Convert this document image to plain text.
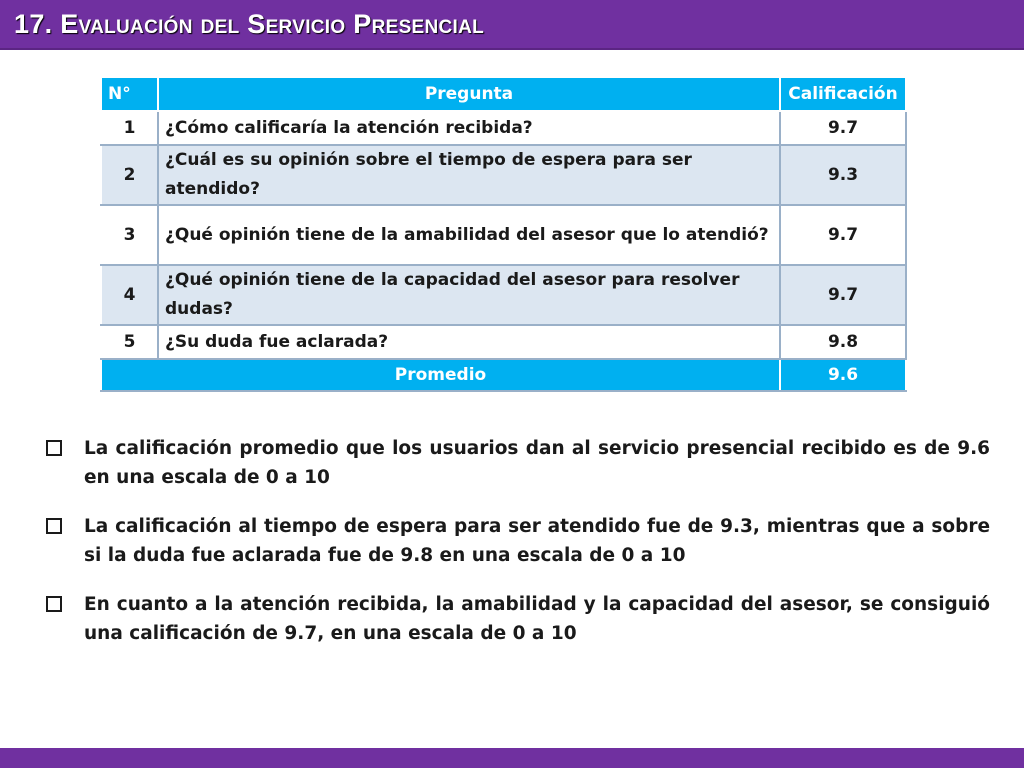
17. Evaluación del Servicio Presencial
N°	Pregunta	Calificación
1	¿Cómo calificaría la atención recibida?	9.7
2	¿Cuál es su opinión sobre el tiempo de espera para ser atendido?	9.3
3	¿Qué opinión tiene de la amabilidad del asesor que lo atendió?	9.7
4	¿Qué opinión tiene de la capacidad del asesor para resolver dudas?	9.7
5	¿Su duda fue aclarada?	9.8
Promedio		9.6
La calificación promedio que los usuarios dan al servicio presencial recibido es de 9.6 en una escala de 0 a 10
La calificación al tiempo de espera para ser atendido fue de 9.3, mientras que a sobre si la duda fue aclarada fue de 9.8 en una escala de 0 a 10
En cuanto a la atención recibida, la amabilidad y la capacidad del asesor, se consiguió una calificación de 9.7, en una escala de 0 a 10
